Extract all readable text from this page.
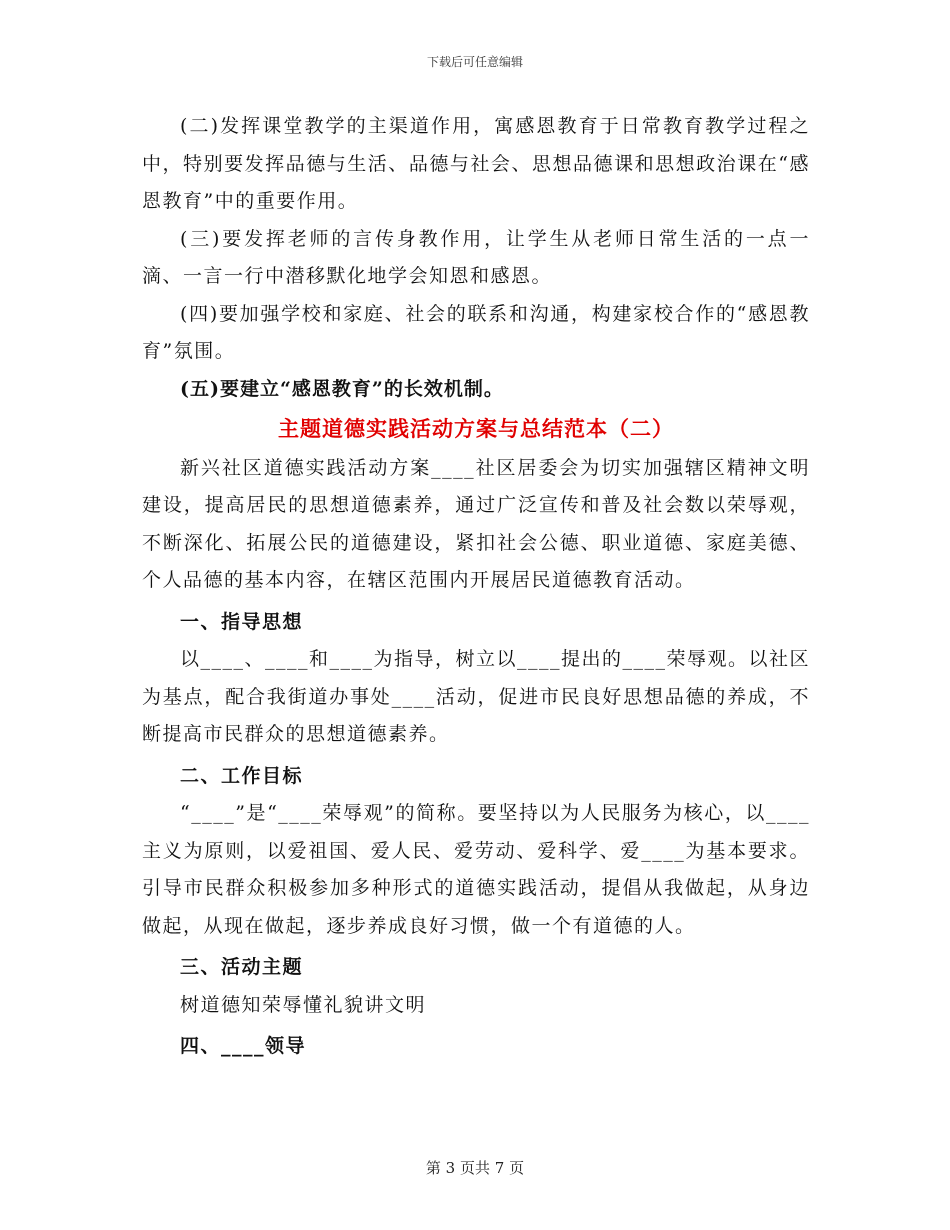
下载后可任意编辑

(二)发挥课堂教学的主渠道作用，寓感恩教育于日常教育教学过程之中，特别要发挥品德与生活、品德与社会、思想品德课和思想政治课在“感恩教育”中的重要作用。

(三)要发挥老师的言传身教作用，让学生从老师日常生活的一点一滴、一言一行中潜移默化地学会知恩和感恩。

(四)要加强学校和家庭、社会的联系和沟通，构建家校合作的“感恩教育”氛围。

(五)要建立“感恩教育”的长效机制。

主题道德实践活动方案与总结范本（二）

新兴社区道德实践活动方案____社区居委会为切实加强辖区精神文明建设，提高居民的思想道德素养，通过广泛宣传和普及社会数以荣辱观，不断深化、拓展公民的道德建设，紧扣社会公德、职业道德、家庭美德、个人品德的基本内容，在辖区范围内开展居民道德教育活动。

一、指导思想

以____、____和____为指导，树立以____提出的____荣辱观。以社区为基点，配合我街道办事处____活动，促进市民良好思想品德的养成，不断提高市民群众的思想道德素养。

二、工作目标

“____”是“____荣辱观”的简称。要坚持以为人民服务为核心，以____主义为原则，以爱祖国、爱人民、爱劳动、爱科学、爱____为基本要求。引导市民群众积极参加多种形式的道德实践活动，提倡从我做起，从身边做起，从现在做起，逐步养成良好习惯，做一个有道德的人。

三、活动主题

树道德知荣辱懂礼貌讲文明

四、____领导

第 3 页共 7 页
